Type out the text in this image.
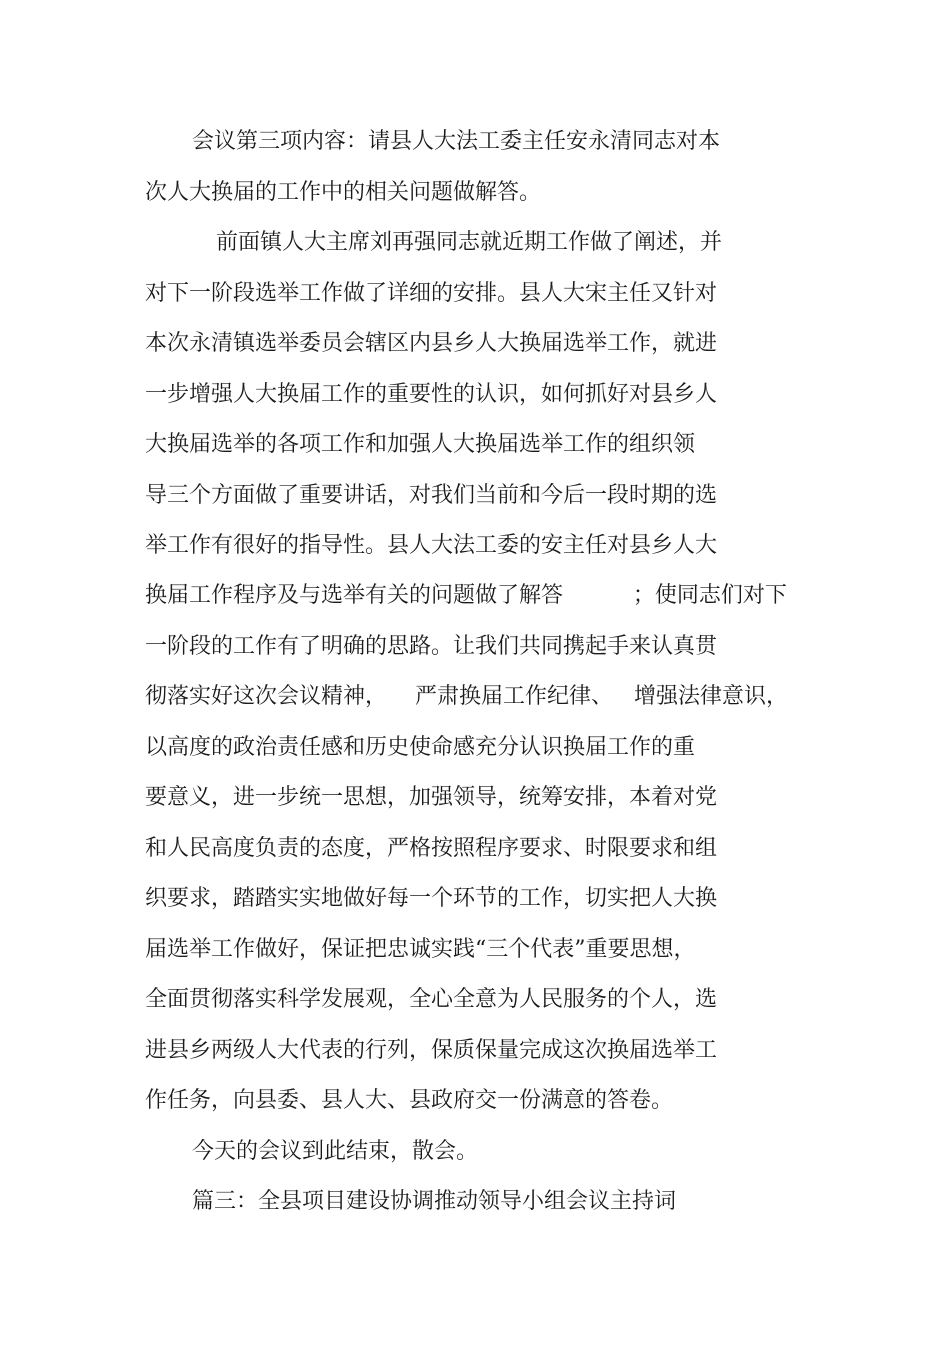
会议第三项内容：请县人大法工委主任安永清同志对本
次人大换届的工作中的相关问题做解答。
前面镇人大主席刘再强同志就近期工作做了阐述，并
对下一阶段选举工作做了详细的安排。县人大宋主任又针对
本次永清镇选举委员会辖区内县乡人大换届选举工作，就进
一步增强人大换届工作的重要性的认识，如何抓好对县乡人
大换届选举的各项工作和加强人大换届选举工作的组织领
导三个方面做了重要讲话，对我们当前和今后一段时期的选
举工作有很好的指导性。县人大法工委的安主任对县乡人大
换届工作程序及与选举有关的问题做了解答          ；使同志们对下
一阶段的工作有了明确的思路。让我们共同携起手来认真贯
彻落实好这次会议精神，    严肃换届工作纪律、   增强法律意识，
以高度的政治责任感和历史使命感充分认识换届工作的重
要意义，进一步统一思想，加强领导，统筹安排，本着对党
和人民高度负责的态度，严格按照程序要求、时限要求和组
织要求，踏踏实实地做好每一个环节的工作，切实把人大换
届选举工作做好，保证把忠诚实践“三个代表”重要思想，
全面贯彻落实科学发展观，全心全意为人民服务的个人，选
进县乡两级人大代表的行列，保质保量完成这次换届选举工
作任务，向县委、县人大、县政府交一份满意的答卷。
今天的会议到此结束，散会。
篇三：全县项目建设协调推动领导小组会议主持词
